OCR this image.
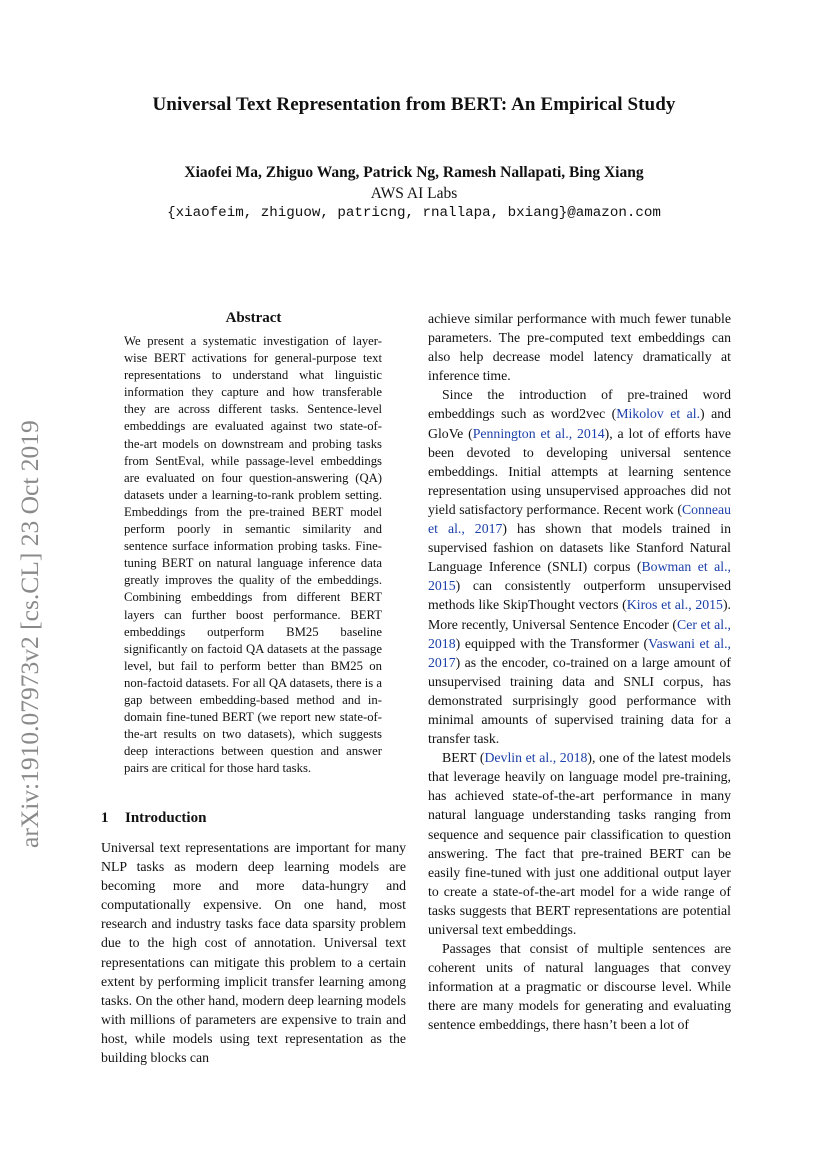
Universal Text Representation from BERT: An Empirical Study
Xiaofei Ma, Zhiguo Wang, Patrick Ng, Ramesh Nallapati, Bing Xiang
AWS AI Labs
{xiaofeim, zhiguow, patricng, rnallapa, bxiang}@amazon.com
arXiv:1910.07973v2 [cs.CL] 23 Oct 2019
Abstract

We present a systematic investigation of layer-wise BERT activations for general-purpose text representations to understand what linguistic information they capture and how transferable they are across different tasks. Sentence-level embeddings are evaluated against two state-of-the-art models on downstream and probing tasks from SentEval, while passage-level embeddings are evaluated on four question-answering (QA) datasets under a learning-to-rank problem setting. Embeddings from the pre-trained BERT model perform poorly in semantic similarity and sentence surface information probing tasks. Fine-tuning BERT on natural language inference data greatly improves the quality of the embeddings. Combining embeddings from different BERT layers can further boost performance. BERT embeddings outperform BM25 baseline significantly on factoid QA datasets at the passage level, but fail to perform better than BM25 on non-factoid datasets. For all QA datasets, there is a gap between embedding-based method and in-domain fine-tuned BERT (we report new state-of-the-art results on two datasets), which suggests deep interactions between question and answer pairs are critical for those hard tasks.

1 Introduction

Universal text representations are important for many NLP tasks as modern deep learning models are becoming more and more data-hungry and computationally expensive. On one hand, most research and industry tasks face data sparsity problem due to the high cost of annotation. Universal text representations can mitigate this problem to a certain extent by performing implicit transfer learning among tasks. On the other hand, modern deep learning models with millions of parameters are expensive to train and host, while models using text representation as the building blocks can

achieve similar performance with much fewer tunable parameters. The pre-computed text embeddings can also help decrease model latency dramatically at inference time.

Since the introduction of pre-trained word embeddings such as word2vec (Mikolov et al.) and GloVe (Pennington et al., 2014), a lot of efforts have been devoted to developing universal sentence embeddings. Initial attempts at learning sentence representation using unsupervised approaches did not yield satisfactory performance. Recent work (Conneau et al., 2017) has shown that models trained in supervised fashion on datasets like Stanford Natural Language Inference (SNLI) corpus (Bowman et al., 2015) can consistently outperform unsupervised methods like SkipThought vectors (Kiros et al., 2015). More recently, Universal Sentence Encoder (Cer et al., 2018) equipped with the Transformer (Vaswani et al., 2017) as the encoder, co-trained on a large amount of unsupervised training data and SNLI corpus, has demonstrated surprisingly good performance with minimal amounts of supervised training data for a transfer task.

BERT (Devlin et al., 2018), one of the latest models that leverage heavily on language model pre-training, has achieved state-of-the-art performance in many natural language understanding tasks ranging from sequence and sequence pair classification to question answering. The fact that pre-trained BERT can be easily fine-tuned with just one additional output layer to create a state-of-the-art model for a wide range of tasks suggests that BERT representations are potential universal text embeddings.

Passages that consist of multiple sentences are coherent units of natural languages that convey information at a pragmatic or discourse level. While there are many models for generating and evaluating sentence embeddings, there hasn’t been a lot of
